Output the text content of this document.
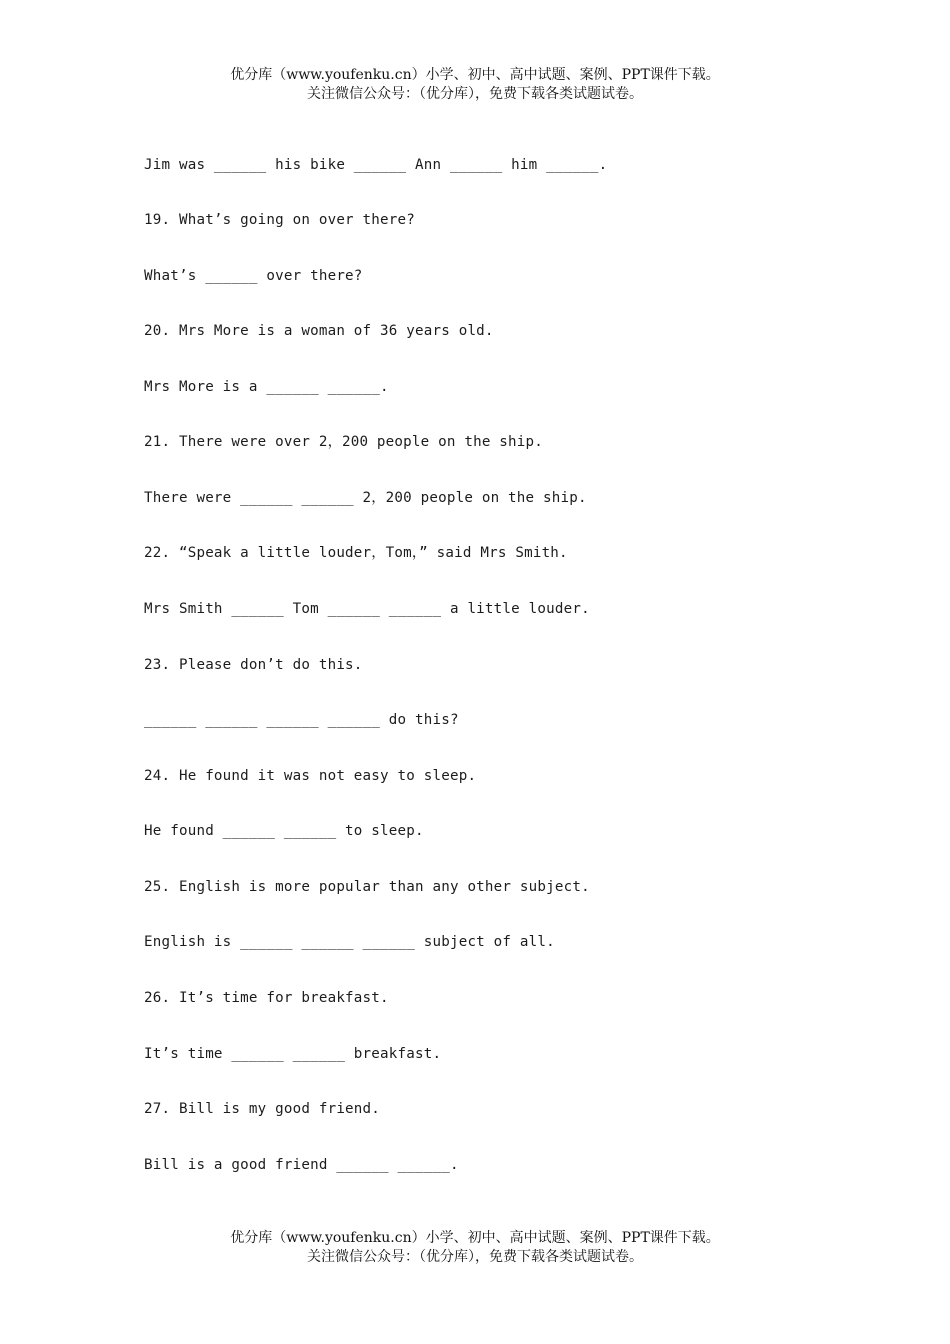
优分库（www.youfenku.cn）小学、初中、高中试题、案例、PPT课件下载。
关注微信公众号：（优分库），免费下载各类试题试卷。
Jim was ______ his bike ______ Ann ______ him ______.
19. What’s going on over there?
What’s ______ over there?
20. Mrs More is a woman of 36 years old.
Mrs More is a ______ ______.
21. There were over 2，200 people on the ship.
There were ______ ______ 2，200 people on the ship.
22. “Speak a little louder，Tom，” said Mrs Smith.
Mrs Smith ______ Tom ______ ______ a little louder.
23. Please don’t do this.
______ ______ ______ ______ do this?
24. He found it was not easy to sleep.
He found ______ ______ to sleep.
25. English is more popular than any other subject.
English is ______ ______ ______ subject of all.
26. It’s time for breakfast.
It’s time ______ ______ breakfast.
27. Bill is my good friend.
Bill is a good friend ______ ______.
优分库（www.youfenku.cn）小学、初中、高中试题、案例、PPT课件下载。
关注微信公众号：（优分库），免费下载各类试题试卷。
